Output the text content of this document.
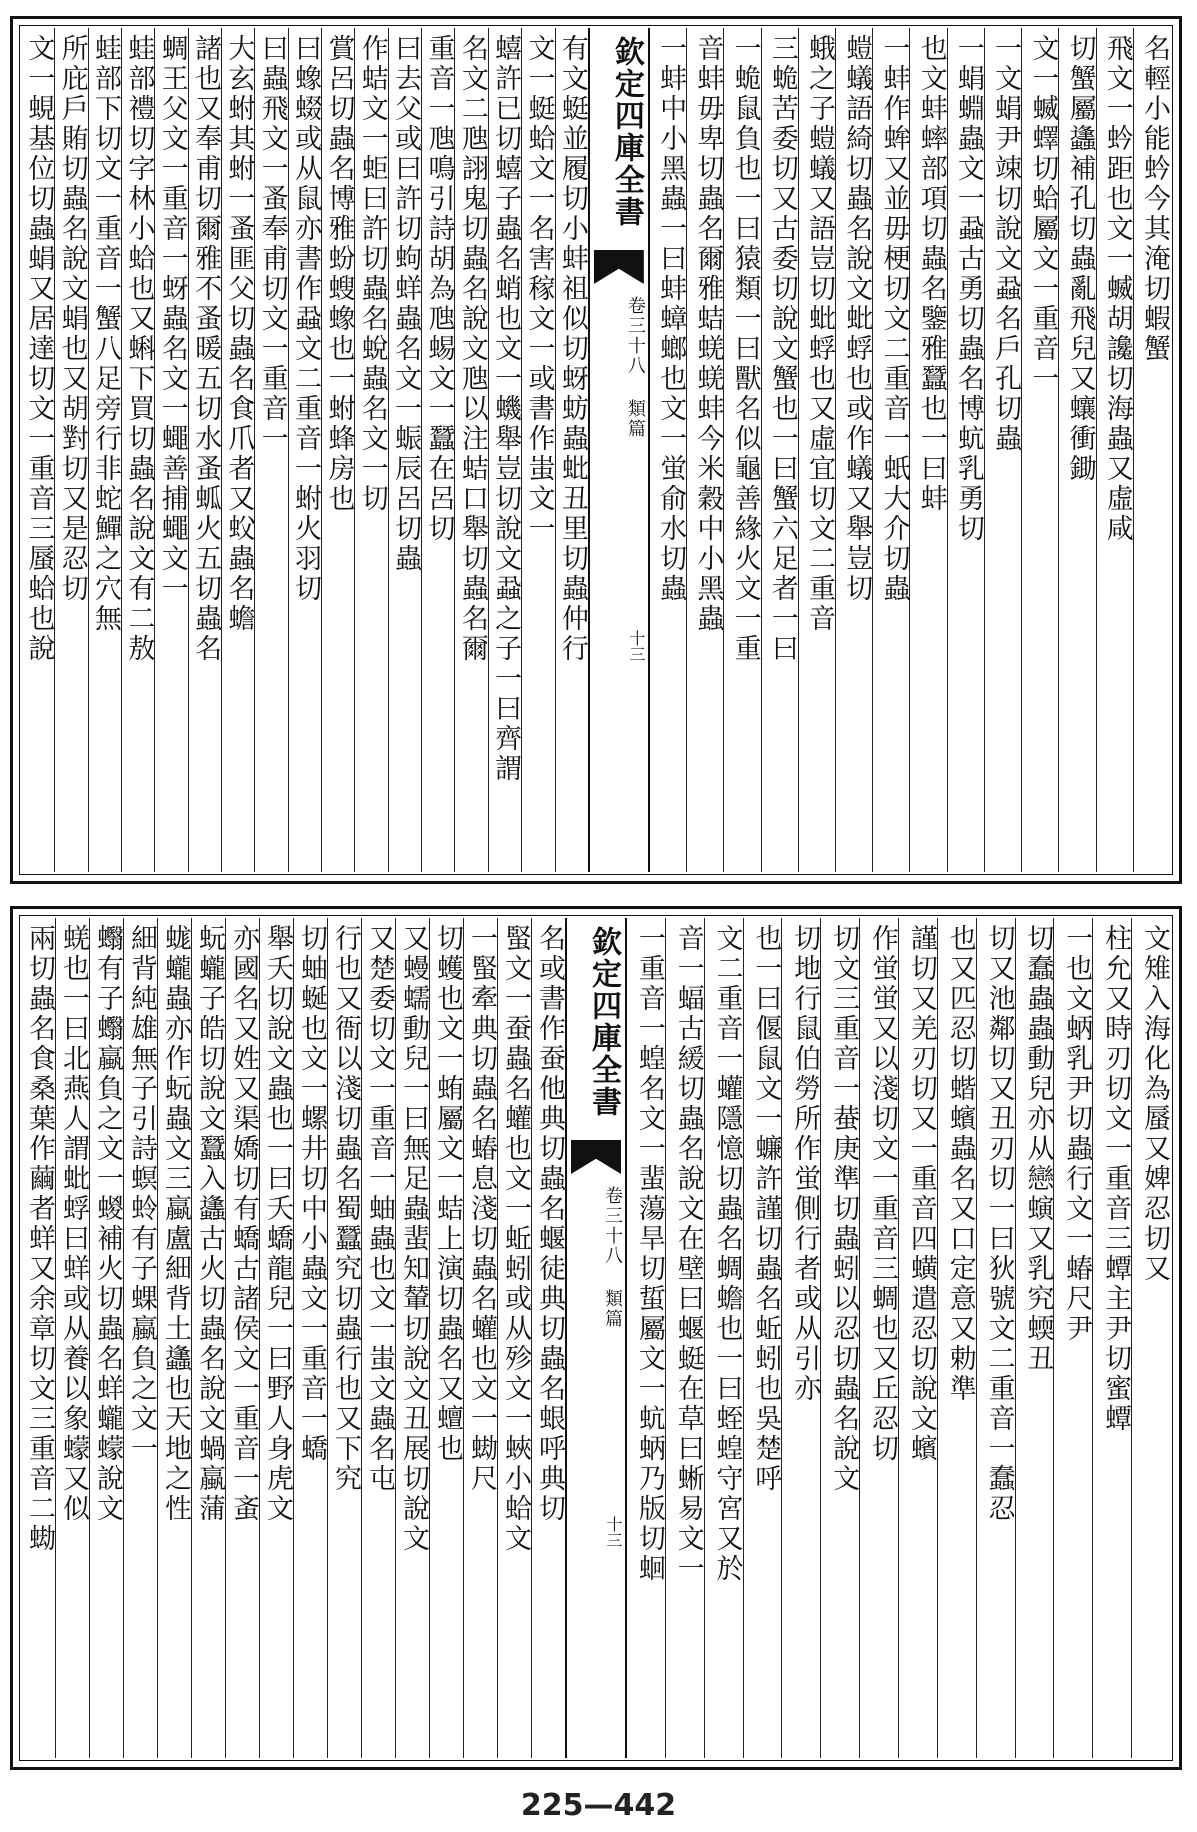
名輕小能蚙今其淹切蝦蟹
飛文一蚙距也文一蝛胡讒切海蟲又虛咸
切蟹屬蠭補孔切蟲亂飛兒又蠰衝鋤
文一蝛蠌切蛤屬文一重音一
一文蜎尹竦切說文蝨名戶孔切蟲
一蜎蜵蟲文一蝨古勇切蟲名博蚢乳勇切
也文蚌蟀部項切蟲名鑒雅蠶也一曰蚌
一蚌作蛑又並毋梗切文二重音一蚔大介切蟲
螘蟻語綺切蟲名說文蚍蜉也或作蟻又舉豈切
蛾之子螘蟻又語豈切蚍蜉也又虛宜切文二重音
三蛫苦委切又古委切說文蟹也一曰蟹六足者一曰
一蛫鼠負也一曰猿類一曰獸名似龜善緣火文一重
音蚌毋卑切蟲名爾雅蛣蜣蜣蚌今米穀中小黑蟲
一蚌中小黑蟲一曰蚌蟑螂也文一蛍俞水切蟲
欽定四庫全書
卷三十八 類篇
十三
有文蜓並履切小蚌祖似切蚜蚄蟲蚍丑里切蟲仲行
文一蜓蛤文一名害稼文一或書作蚩文一
蟢許已切蟢子蟲名蛸也文一蟣舉豈切說文蝨之子一曰齊謂
名文二虺詡鬼切蟲名說文虺以注蛣口舉切蟲名爾
重音一虺鳴引詩胡為虺蜴文一蠶在呂切
曰去父或曰許切蚼蛘蟲名文一蜄辰呂切蟲
作蛣文一蚷曰許切蟲名蛻蟲名文一切
賞呂切蟲名博雅蚡螋蟓也一蚹蜂房也
曰蟓蝃或从鼠亦書作蝨文二重音一蚹火羽切
曰蟲飛文一蚤奉甫切文一重音一
大玄蚹其蚹一蚤匪父切蟲名食爪者又蚥蟲名蟾
諸也又奉甫切爾雅不蚤暖五切水蚤蛌火五切蟲名
蜩王父文一重音一蚜蟲名文一蠅善捕蠅文一
蛙部禮切字林小蛤也又蝌下買切蟲名說文有二敖
蛙部下切文一重音一蟹八足旁行非蛇鱓之穴無
所庇戶賄切蟲名說文蜎也又胡對切又是忍切
文一蜆基位切蟲蜎又居達切文一重音三蜃蛤也說
文雉入海化為蜃又婢忍切又
柱允又時刃切文一重音三蟫主尹切蜜蟫
一也文蛃乳尹切蟲行文一蝽尺尹
切蠢蟲蟲動兒亦从戀螾又乳究蝡丑
切又池鄰切又丑刃切一曰狄號文二重音一蠢忍
也又匹忍切蝔蠙蟲名又口定意又勅準
謹切又羌刃切又一重音四蟥遣忍切說文蠙
作蛍蛍又以淺切文一重音三蜩也又丘忍切
切文三重音一蛬庚準切蟲蚓以忍切蟲名說文
切地行鼠伯勞所作蛍側行者或从引亦
也一曰偃鼠文一蠊許謹切蟲名蚯蚓也吳楚呼
文二重音一蠸隱憶切蟲名蜩蟾也一曰蛭蝗守宮又於
音一蝠古緩切蟲名說文在壁曰蝘蜓在草曰蜥易文一
一重音一蝗名文一蜚蕩旱切蜇屬文一蚢蛃乃版切蛔
欽定四庫全書
卷三十八 類篇
十三
名或書作蚕他典切蟲名蝘徒典切蟲名蛝呼典切
蜸文一蚕蟲名蠸也文一蚯蚓或从殄文一蛺小蛤文
一蜸牽典切蟲名蝽息淺切蟲名蠸也文一蜐尺
切蠖也文一蛕屬文一蛣上演切蟲名又蟺也
又蟃蠕動兒一曰無足蟲蜚知輦切說文丑展切說文
又楚委切文一重音一蚰蟲也文一蚩文蟲名屯
行也又衙以淺切蟲名蜀蠶究切蟲行也又下究
切蚰蜒也文一螺井切中小蟲文一重音一蟜
舉夭切說文蟲也一曰夭蟜龍兒一曰野人身虎文
亦國名又姓又渠嬌切有蟜古諸侯文一重音一蚉
蚖蠬子皓切說文蠶入蠭古火切蟲名說文蝸蠃蒲
蛖蠬蟲亦作蚖蟲文三蠃盧細背土蠭也天地之性
細背純雄無子引詩螟蛉有子蜾蠃負之文一
蠮有子蠮蠃負之文一蝬補火切蟲名蛘蠬蠓說文
蜣也一曰北燕人謂蚍蜉曰蛘或从養以象蠓又似
兩切蟲名食桑葉作繭者蛘又余章切文三重音二蜐
225—442
